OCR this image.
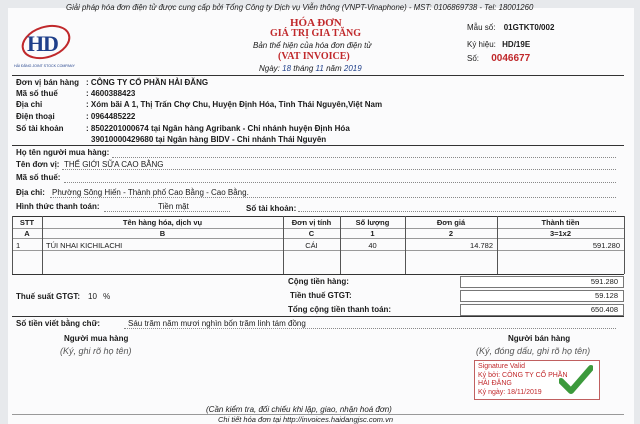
Giải pháp hóa đơn điện tử được cung cấp bởi Tổng Công ty Dịch vụ Viễn thông (VNPT-Vinaphone) - MST: 0106869738 - Tel: 18001260
H
D
HẢI ĐĂNG JOINT STOCK COMPANY
HÓA ĐƠN
GIÁ TRỊ GIA TĂNG
Bản thể hiện của hóa đơn điện tử
(VAT INVOICE)
Ngày: 18 tháng 11 năm 2019
Mẫu số: 01GTKT0/002
Ký hiệu: HD/19E
Số: 0046677
Đơn vị bán hàng : CÔNG TY CỔ PHẦN HẢI ĐĂNG
Mã số thuế	: 4600388423
Địa chỉ	: Xóm bãi A 1, Thị Trấn Chợ Chu, Huyện Định Hóa, Tỉnh Thái Nguyên,Việt Nam
Điện thoại	: 0964485222
Số tài khoản	: 8502201000674 tại Ngân hàng Agribank - Chi nhánh huyện Định Hóa
39010000429680 tại Ngân hàng BIDV - Chi nhánh Thái Nguyên
Họ tên người mua hàng:
Tên đơn vị: THẾ GIỚI SỮA CAO BẰNG
Mã số thuế:
Địa chỉ: Phường Sông Hiến - Thành phố Cao Bằng - Cao Bằng.
Hình thức thanh toán:	Tiền mặt	Số tài khoản:
STT	Tên hàng hóa, dịch vụ	Đơn vị tính	Số lượng	Đơn giá	Thành tiền
A	B	C	1	2	3=1x2
1	TÚI NHAI KICHILACHI	CÁI	40	14.782	591.280
Cộng tiền hàng:	591.280
Thuế suất GTGT: 10 %	Tiền thuế GTGT:	59.128
Tổng cộng tiền thanh toán:	650.408
Số tiền viết bằng chữ:	Sáu trăm năm mươi nghìn bốn trăm linh tám đồng
Người mua hàng
(Ký, ghi rõ họ tên)
Người bán hàng
(Ký, đóng dấu, ghi rõ họ tên)
Signature Valid
Ký bởi: CÔNG TY CỔ PHẦN HẢI ĐĂNG
Ký ngày: 18/11/2019
(Cần kiểm tra, đối chiếu khi lập, giao, nhận hoá đơn)
Chi tiết hóa đơn tại http://invoices.haidangjsc.com.vn
